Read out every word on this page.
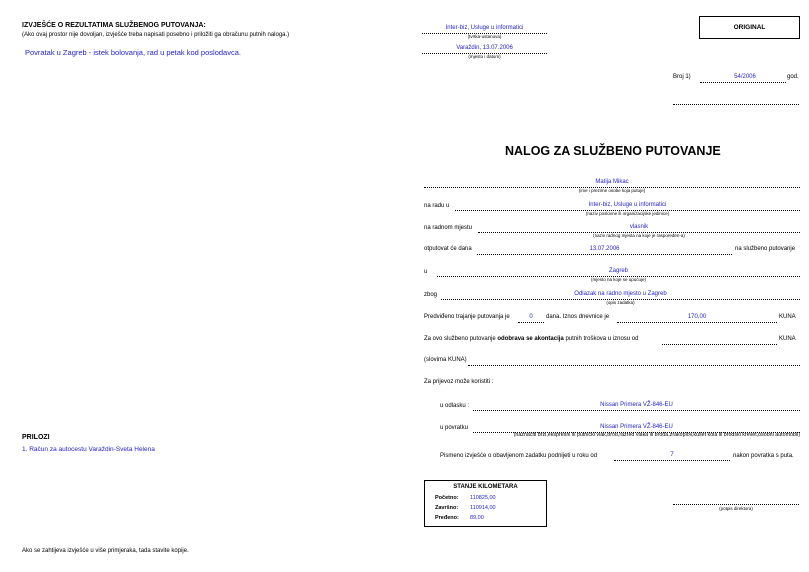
IZVJEŠĆE O REZULTATIMA SLUŽBENOG PUTOVANJA:
(Ako ovaj prostor nije dovoljan, izvješće treba napisati posebno i priložiti ga obračunu putnih naloga.)
Povratak u Zagreb - istek bolovanja, rad u petak kod poslodavca.
Inter-biz, Usluge u informatici
(tvrtka-ustanova)
Varaždin, 13.07.2006
(mjesto i datum)
ORIGINAL
Broj 1)	54/2006	god.
NALOG ZA SLUŽBENO PUTOVANJE
Matija Mikac
(ime i prezime osobe koja putuje)
na radu u	Inter-biz, Usluge u informatici
(naziv poslovne ili organizacijske jedinice)
na radnom mjestu	vlasnik
(naziv radnog mjesta na koje je raspoređen-a)
otputovat će dana	13.07.2006	na službeno putovanje
u	Zagreb
(mjesto na koje se upućuje)
zbog	Odlazak na radno mjesto u Zagreb
(opis zadatka)
Predviđeno trajanje putovanja je	0	dana. Iznos dnevnice je	170,00	KUNA
Za ovo službeno putovanje odobrava se akontacija putnih troškova u iznosu od	KUNA
(slovima KUNA)
Za prijevoz može koristiti :
u odlasku :	Nissan Primera VŽ-846-EU
u povratku	Nissan Primera VŽ-846-EU
(naznačiti brzi,ekspresni ili putnički vlak,brod,razred vlaka ili broda,zrakoplov,kušet kola ili brodski krevet,osobni automobil)
Pismeno izvješće o obavljenom zadatku podnijeti u roku od	7	nakon povratka s puta.
PRILOZI
1. Račun za autocestu Varaždin-Sveta Helena
STANJE KILOMETARA
Početno: 110825,00
Završno: 110914,00
Pređeno: 89,00
(potpis direktora)
Ako se zahtijeva izvješće u više primjeraka, tada stavite kopije.
